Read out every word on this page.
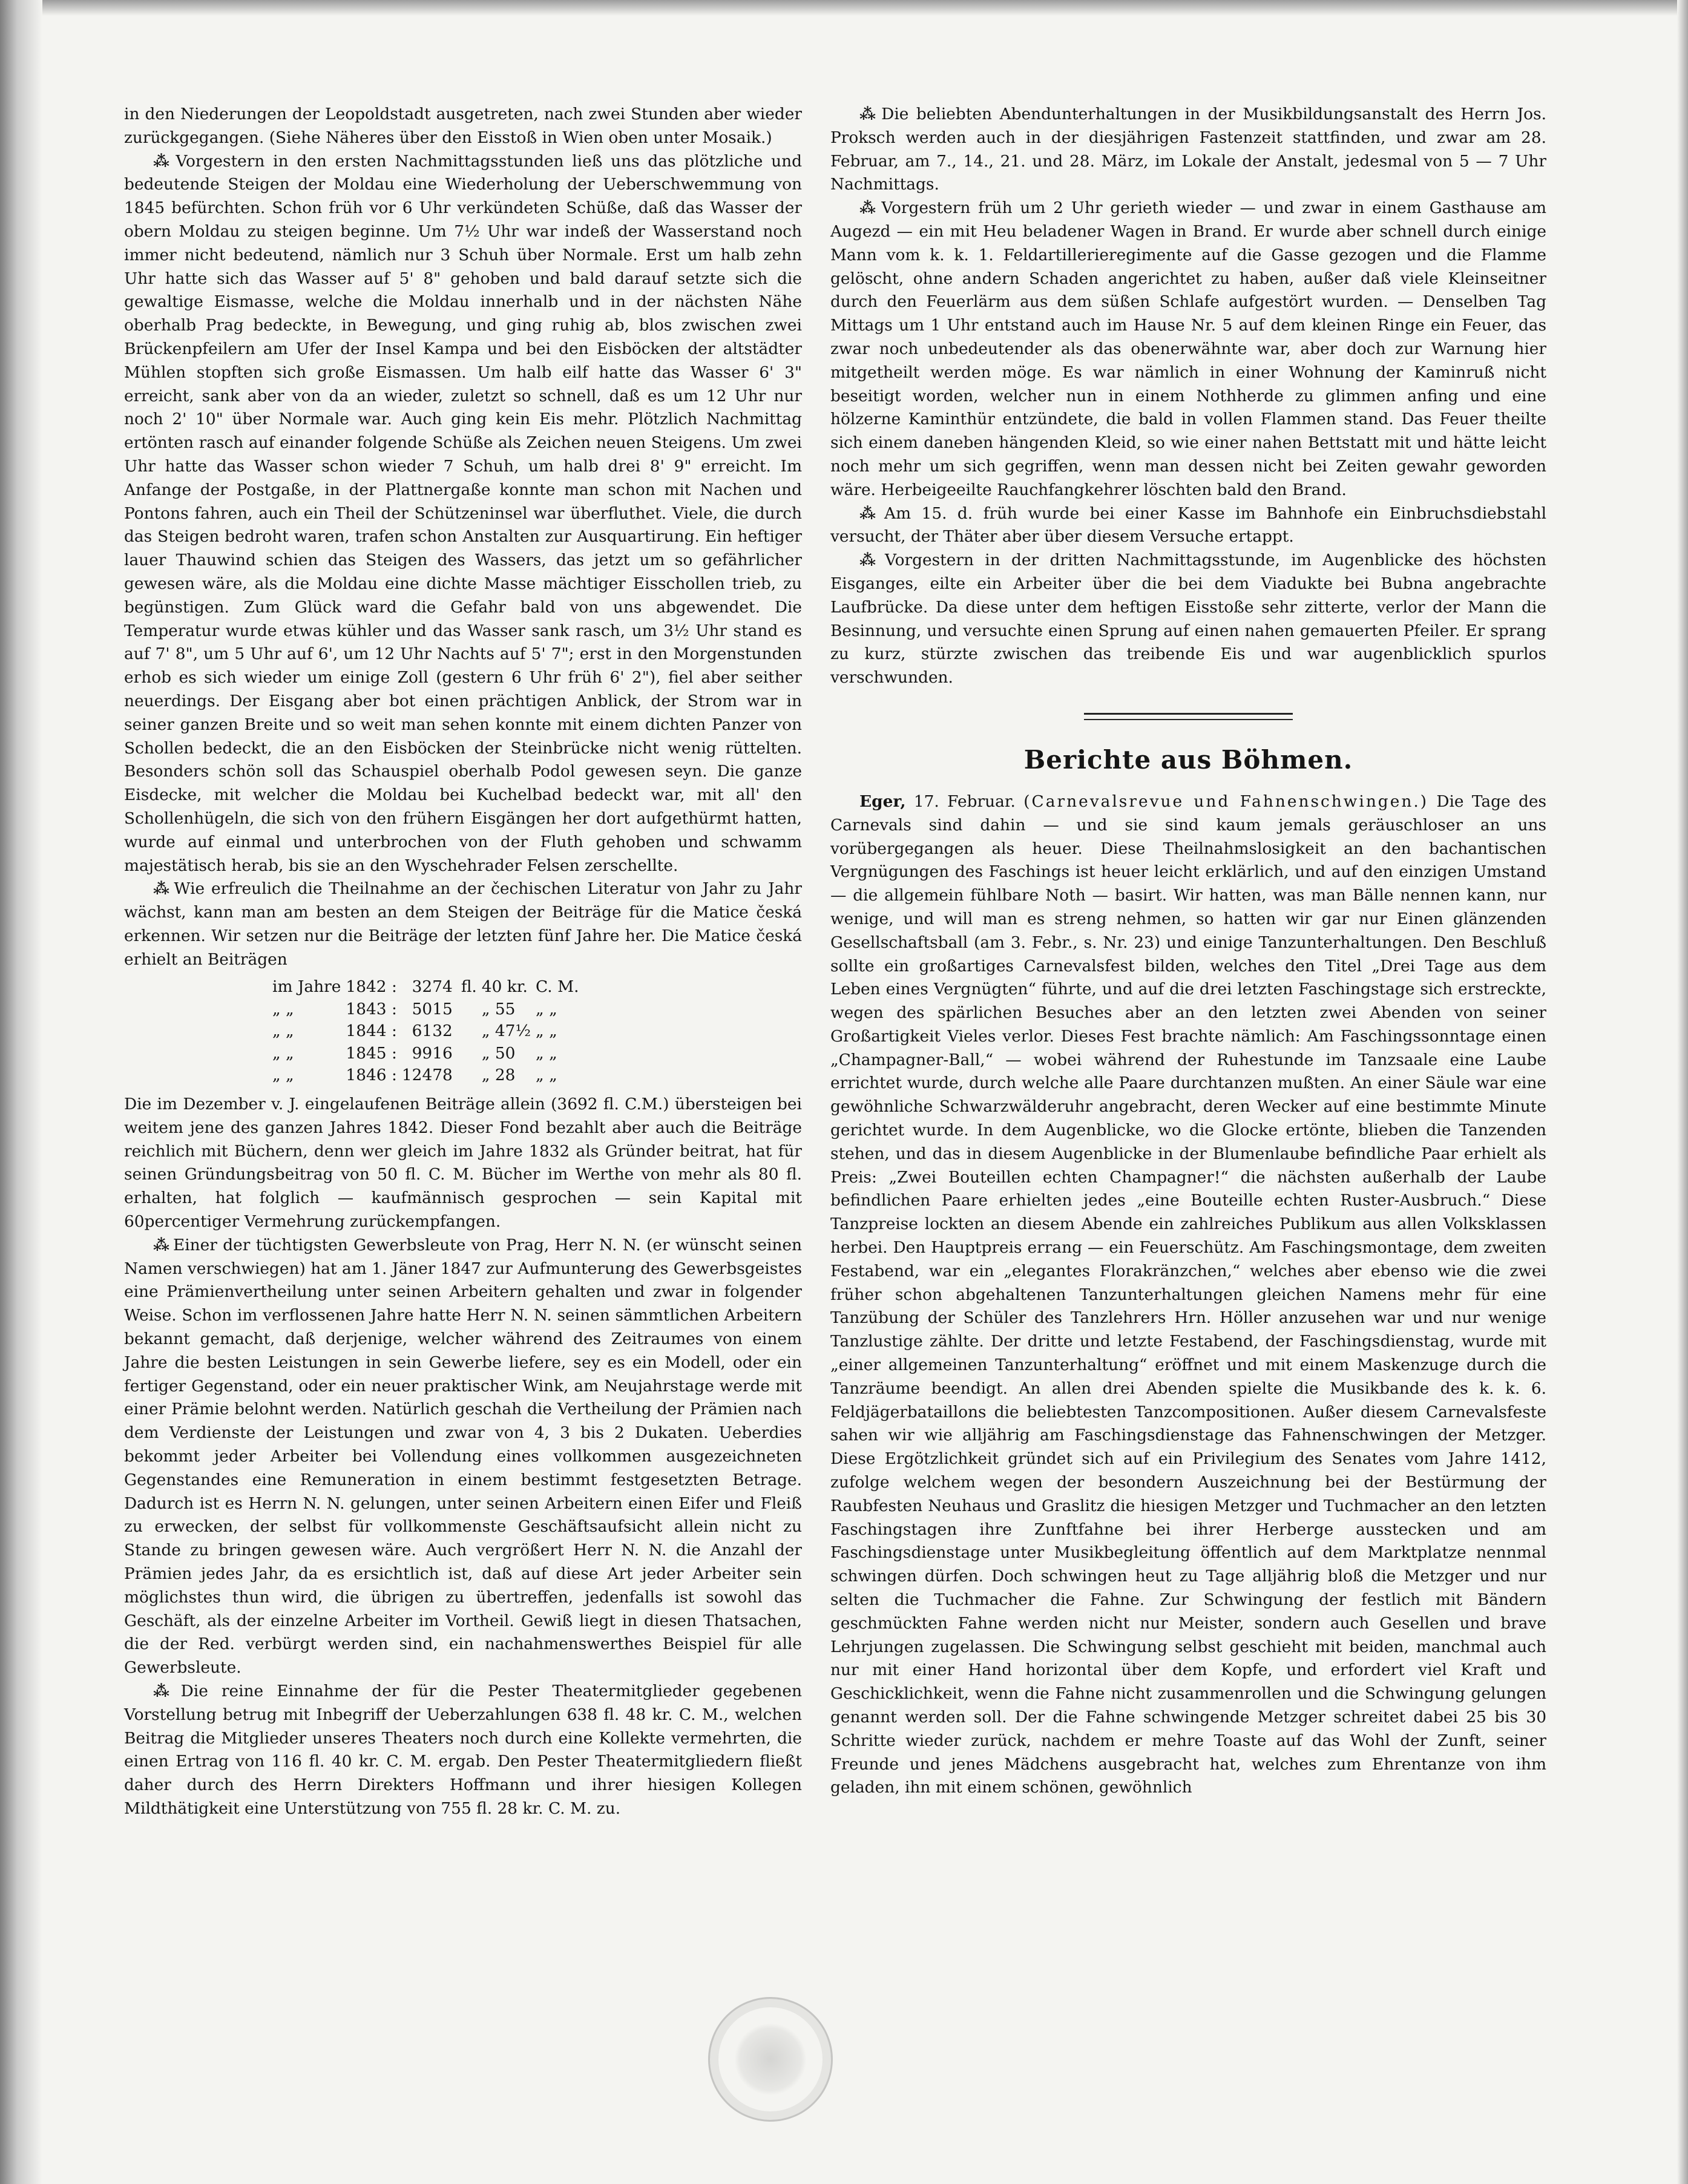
in den Niederungen der Leopoldstadt ausgetreten, nach zwei Stunden aber wieder zurückgegangen. (Siehe Näheres über den Eisstoß in Wien oben unter Mosaik.)

⁂ Vorgestern in den ersten Nachmittagsstunden ließ uns das plötzliche und bedeutende Steigen der Moldau eine Wiederholung der Ueberschwemmung von 1845 befürchten. Schon früh vor 6 Uhr verkündeten Schüße, daß das Wasser der obern Moldau zu steigen beginne. Um 7½ Uhr war indeß der Wasserstand noch immer nicht bedeutend, nämlich nur 3 Schuh über Normale. Erst um halb zehn Uhr hatte sich das Wasser auf 5' 8" gehoben und bald darauf setzte sich die gewaltige Eismasse, welche die Moldau innerhalb und in der nächsten Nähe oberhalb Prag bedeckte, in Bewegung, und ging ruhig ab, blos zwischen zwei Brückenpfeilern am Ufer der Insel Kampa und bei den Eisböcken der altstädter Mühlen stopften sich große Eismassen. Um halb eilf hatte das Wasser 6' 3" erreicht, sank aber von da an wieder, zuletzt so schnell, daß es um 12 Uhr nur noch 2' 10" über Normale war. Auch ging kein Eis mehr. Plötzlich Nachmittag ertönten rasch auf einander folgende Schüße als Zeichen neuen Steigens. Um zwei Uhr hatte das Wasser schon wieder 7 Schuh, um halb drei 8' 9" erreicht. Im Anfange der Postgaße, in der Plattnergaße konnte man schon mit Nachen und Pontons fahren, auch ein Theil der Schützeninsel war überfluthet. Viele, die durch das Steigen bedroht waren, trafen schon Anstalten zur Ausquartirung. Ein heftiger lauer Thauwind schien das Steigen des Wassers, das jetzt um so gefährlicher gewesen wäre, als die Moldau eine dichte Masse mächtiger Eisschollen trieb, zu begünstigen. Zum Glück ward die Gefahr bald von uns abgewendet. Die Temperatur wurde etwas kühler und das Wasser sank rasch, um 3½ Uhr stand es auf 7' 8", um 5 Uhr auf 6', um 12 Uhr Nachts auf 5' 7"; erst in den Morgenstunden erhob es sich wieder um einige Zoll (gestern 6 Uhr früh 6' 2"), fiel aber seither neuerdings. Der Eisgang aber bot einen prächtigen Anblick, der Strom war in seiner ganzen Breite und so weit man sehen konnte mit einem dichten Panzer von Schollen bedeckt, die an den Eisböcken der Steinbrücke nicht wenig rüttelten. Besonders schön soll das Schauspiel oberhalb Podol gewesen seyn. Die ganze Eisdecke, mit welcher die Moldau bei Kuchelbad bedeckt war, mit all' den Schollenhügeln, die sich von den frühern Eisgängen her dort aufgethürmt hatten, wurde auf einmal und unterbrochen von der Fluth gehoben und schwamm majestätisch herab, bis sie an den Wyschehrader Felsen zerschellte.

⁂ Wie erfreulich die Theilnahme an der čechischen Literatur von Jahr zu Jahr wächst, kann man am besten an dem Steigen der Beiträge für die Matice česká erkennen. Wir setzen nur die Beiträge der letzten fünf Jahre her. Die Matice česká erhielt an Beiträgen

im Jahre	1842 :	3274	fl.	40 kr.	C. M.
„ „	1843 :	5015		„ 55	„ „
„ „	1844 :	6132		„ 47½	„ „
„ „	1845 :	9916		„ 50	„ „
„ „	1846 :	12478		„ 28	„ „

Die im Dezember v. J. eingelaufenen Beiträge allein (3692 fl. C.M.) übersteigen bei weitem jene des ganzen Jahres 1842. Dieser Fond bezahlt aber auch die Beiträge reichlich mit Büchern, denn wer gleich im Jahre 1832 als Gründer beitrat, hat für seinen Gründungsbeitrag von 50 fl. C. M. Bücher im Werthe von mehr als 80 fl. erhalten, hat folglich — kaufmännisch gesprochen — sein Kapital mit 60percentiger Vermehrung zurückempfangen.

⁂ Einer der tüchtigsten Gewerbsleute von Prag, Herr N. N. (er wünscht seinen Namen verschwiegen) hat am 1. Jäner 1847 zur Aufmunterung des Gewerbsgeistes eine Prämienvertheilung unter seinen Arbeitern gehalten und zwar in folgender Weise. Schon im verflossenen Jahre hatte Herr N. N. seinen sämmtlichen Arbeitern bekannt gemacht, daß derjenige, welcher während des Zeitraumes von einem Jahre die besten Leistungen in sein Gewerbe liefere, sey es ein Modell, oder ein fertiger Gegenstand, oder ein neuer praktischer Wink, am Neujahrstage werde mit einer Prämie belohnt werden. Natürlich geschah die Vertheilung der Prämien nach dem Verdienste der Leistungen und zwar von 4, 3 bis 2 Dukaten. Ueberdies bekommt jeder Arbeiter bei Vollendung eines vollkommen ausgezeichneten Gegenstandes eine Remuneration in einem bestimmt festgesetzten Betrage. Dadurch ist es Herrn N. N. gelungen, unter seinen Arbeitern einen Eifer und Fleiß zu erwecken, der selbst für vollkommenste Geschäftsaufsicht allein nicht zu Stande zu bringen gewesen wäre. Auch vergrößert Herr N. N. die Anzahl der Prämien jedes Jahr, da es ersichtlich ist, daß auf diese Art jeder Arbeiter sein möglichstes thun wird, die übrigen zu übertreffen, jedenfalls ist sowohl das Geschäft, als der einzelne Arbeiter im Vortheil. Gewiß liegt in diesen Thatsachen, die der Red. verbürgt werden sind, ein nachahmenswerthes Beispiel für alle Gewerbsleute.

⁂ Die reine Einnahme der für die Pester Theatermitglieder gegebenen Vorstellung betrug mit Inbegriff der Ueberzahlungen 638 fl. 48 kr. C. M., welchen Beitrag die Mitglieder unseres Theaters noch durch eine Kollekte vermehrten, die einen Ertrag von 116 fl. 40 kr. C. M. ergab. Den Pester Theatermitgliedern fließt daher durch des Herrn Direkters Hoffmann und ihrer hiesigen Kollegen Mildthätigkeit eine Unterstützung von 755 fl. 28 kr. C. M. zu.

⁂ Die beliebten Abendunterhaltungen in der Musikbildungsanstalt des Herrn Jos. Proksch werden auch in der diesjährigen Fastenzeit stattfinden, und zwar am 28. Februar, am 7., 14., 21. und 28. März, im Lokale der Anstalt, jedesmal von 5 — 7 Uhr Nachmittags.

⁂ Vorgestern früh um 2 Uhr gerieth wieder — und zwar in einem Gasthause am Augezd — ein mit Heu beladener Wagen in Brand. Er wurde aber schnell durch einige Mann vom k. k. 1. Feldartillerieregimente auf die Gasse gezogen und die Flamme gelöscht, ohne andern Schaden angerichtet zu haben, außer daß viele Kleinseitner durch den Feuerlärm aus dem süßen Schlafe aufgestört wurden. — Denselben Tag Mittags um 1 Uhr entstand auch im Hause Nr. 5 auf dem kleinen Ringe ein Feuer, das zwar noch unbedeutender als das obenerwähnte war, aber doch zur Warnung hier mitgetheilt werden möge. Es war nämlich in einer Wohnung der Kaminruß nicht beseitigt worden, welcher nun in einem Nothherde zu glimmen anfing und eine hölzerne Kaminthür entzündete, die bald in vollen Flammen stand. Das Feuer theilte sich einem daneben hängenden Kleid, so wie einer nahen Bettstatt mit und hätte leicht noch mehr um sich gegriffen, wenn man dessen nicht bei Zeiten gewahr geworden wäre. Herbeigeeilte Rauchfangkehrer löschten bald den Brand.

⁂ Am 15. d. früh wurde bei einer Kasse im Bahnhofe ein Einbruchsdiebstahl versucht, der Thäter aber über diesem Versuche ertappt.

⁂ Vorgestern in der dritten Nachmittagsstunde, im Augenblicke des höchsten Eisganges, eilte ein Arbeiter über die bei dem Viadukte bei Bubna angebrachte Laufbrücke. Da diese unter dem heftigen Eisstoße sehr zitterte, verlor der Mann die Besinnung, und versuchte einen Sprung auf einen nahen gemauerten Pfeiler. Er sprang zu kurz, stürzte zwischen das treibende Eis und war augenblicklich spurlos verschwunden.

Berichte aus Böhmen.

Eger, 17. Februar. (Carnevalsrevue und Fahnenschwingen.) Die Tage des Carnevals sind dahin — und sie sind kaum jemals geräuschloser an uns vorübergegangen als heuer. Diese Theilnahmslosigkeit an den bachantischen Vergnügungen des Faschings ist heuer leicht erklärlich, und auf den einzigen Umstand — die allgemein fühlbare Noth — basirt. Wir hatten, was man Bälle nennen kann, nur wenige, und will man es streng nehmen, so hatten wir gar nur Einen glänzenden Gesellschaftsball (am 3. Febr., s. Nr. 23) und einige Tanzunterhaltungen. Den Beschluß sollte ein großartiges Carnevalsfest bilden, welches den Titel „Drei Tage aus dem Leben eines Vergnügten“ führte, und auf die drei letzten Faschingstage sich erstreckte, wegen des spärlichen Besuches aber an den letzten zwei Abenden von seiner Großartigkeit Vieles verlor. Dieses Fest brachte nämlich: Am Faschingssonntage einen „Champagner-Ball,“ — wobei während der Ruhestunde im Tanzsaale eine Laube errichtet wurde, durch welche alle Paare durchtanzen mußten. An einer Säule war eine gewöhnliche Schwarzwälderuhr angebracht, deren Wecker auf eine bestimmte Minute gerichtet wurde. In dem Augenblicke, wo die Glocke ertönte, blieben die Tanzenden stehen, und das in diesem Augenblicke in der Blumenlaube befindliche Paar erhielt als Preis: „Zwei Bouteillen echten Champagner!“ die nächsten außerhalb der Laube befindlichen Paare erhielten jedes „eine Bouteille echten Ruster-Ausbruch.“ Diese Tanzpreise lockten an diesem Abende ein zahlreiches Publikum aus allen Volksklassen herbei. Den Hauptpreis errang — ein Feuerschütz. Am Faschingsmontage, dem zweiten Festabend, war ein „elegantes Florakränzchen,“ welches aber ebenso wie die zwei früher schon abgehaltenen Tanzunterhaltungen gleichen Namens mehr für eine Tanzübung der Schüler des Tanzlehrers Hrn. Höller anzusehen war und nur wenige Tanzlustige zählte. Der dritte und letzte Festabend, der Faschingsdienstag, wurde mit „einer allgemeinen Tanzunterhaltung“ eröffnet und mit einem Maskenzuge durch die Tanzräume beendigt. An allen drei Abenden spielte die Musikbande des k. k. 6. Feldjägerbataillons die beliebtesten Tanzcompositionen. Außer diesem Carnevalsfeste sahen wir wie alljährig am Faschingsdienstage das Fahnenschwingen der Metzger. Diese Ergötzlichkeit gründet sich auf ein Privilegium des Senates vom Jahre 1412, zufolge welchem wegen der besondern Auszeichnung bei der Bestürmung der Raubfesten Neuhaus und Graslitz die hiesigen Metzger und Tuchmacher an den letzten Faschingstagen ihre Zunftfahne bei ihrer Herberge ausstecken und am Faschingsdienstage unter Musikbegleitung öffentlich auf dem Marktplatze nennmal schwingen dürfen. Doch schwingen heut zu Tage alljährig bloß die Metzger und nur selten die Tuchmacher die Fahne. Zur Schwingung der festlich mit Bändern geschmückten Fahne werden nicht nur Meister, sondern auch Gesellen und brave Lehrjungen zugelassen. Die Schwingung selbst geschieht mit beiden, manchmal auch nur mit einer Hand horizontal über dem Kopfe, und erfordert viel Kraft und Geschicklichkeit, wenn die Fahne nicht zusammenrollen und die Schwingung gelungen genannt werden soll. Der die Fahne schwingende Metzger schreitet dabei 25 bis 30 Schritte wieder zurück, nachdem er mehre Toaste auf das Wohl der Zunft, seiner Freunde und jenes Mädchens ausgebracht hat, welches zum Ehrentanze von ihm geladen, ihn mit einem schönen, gewöhnlich
